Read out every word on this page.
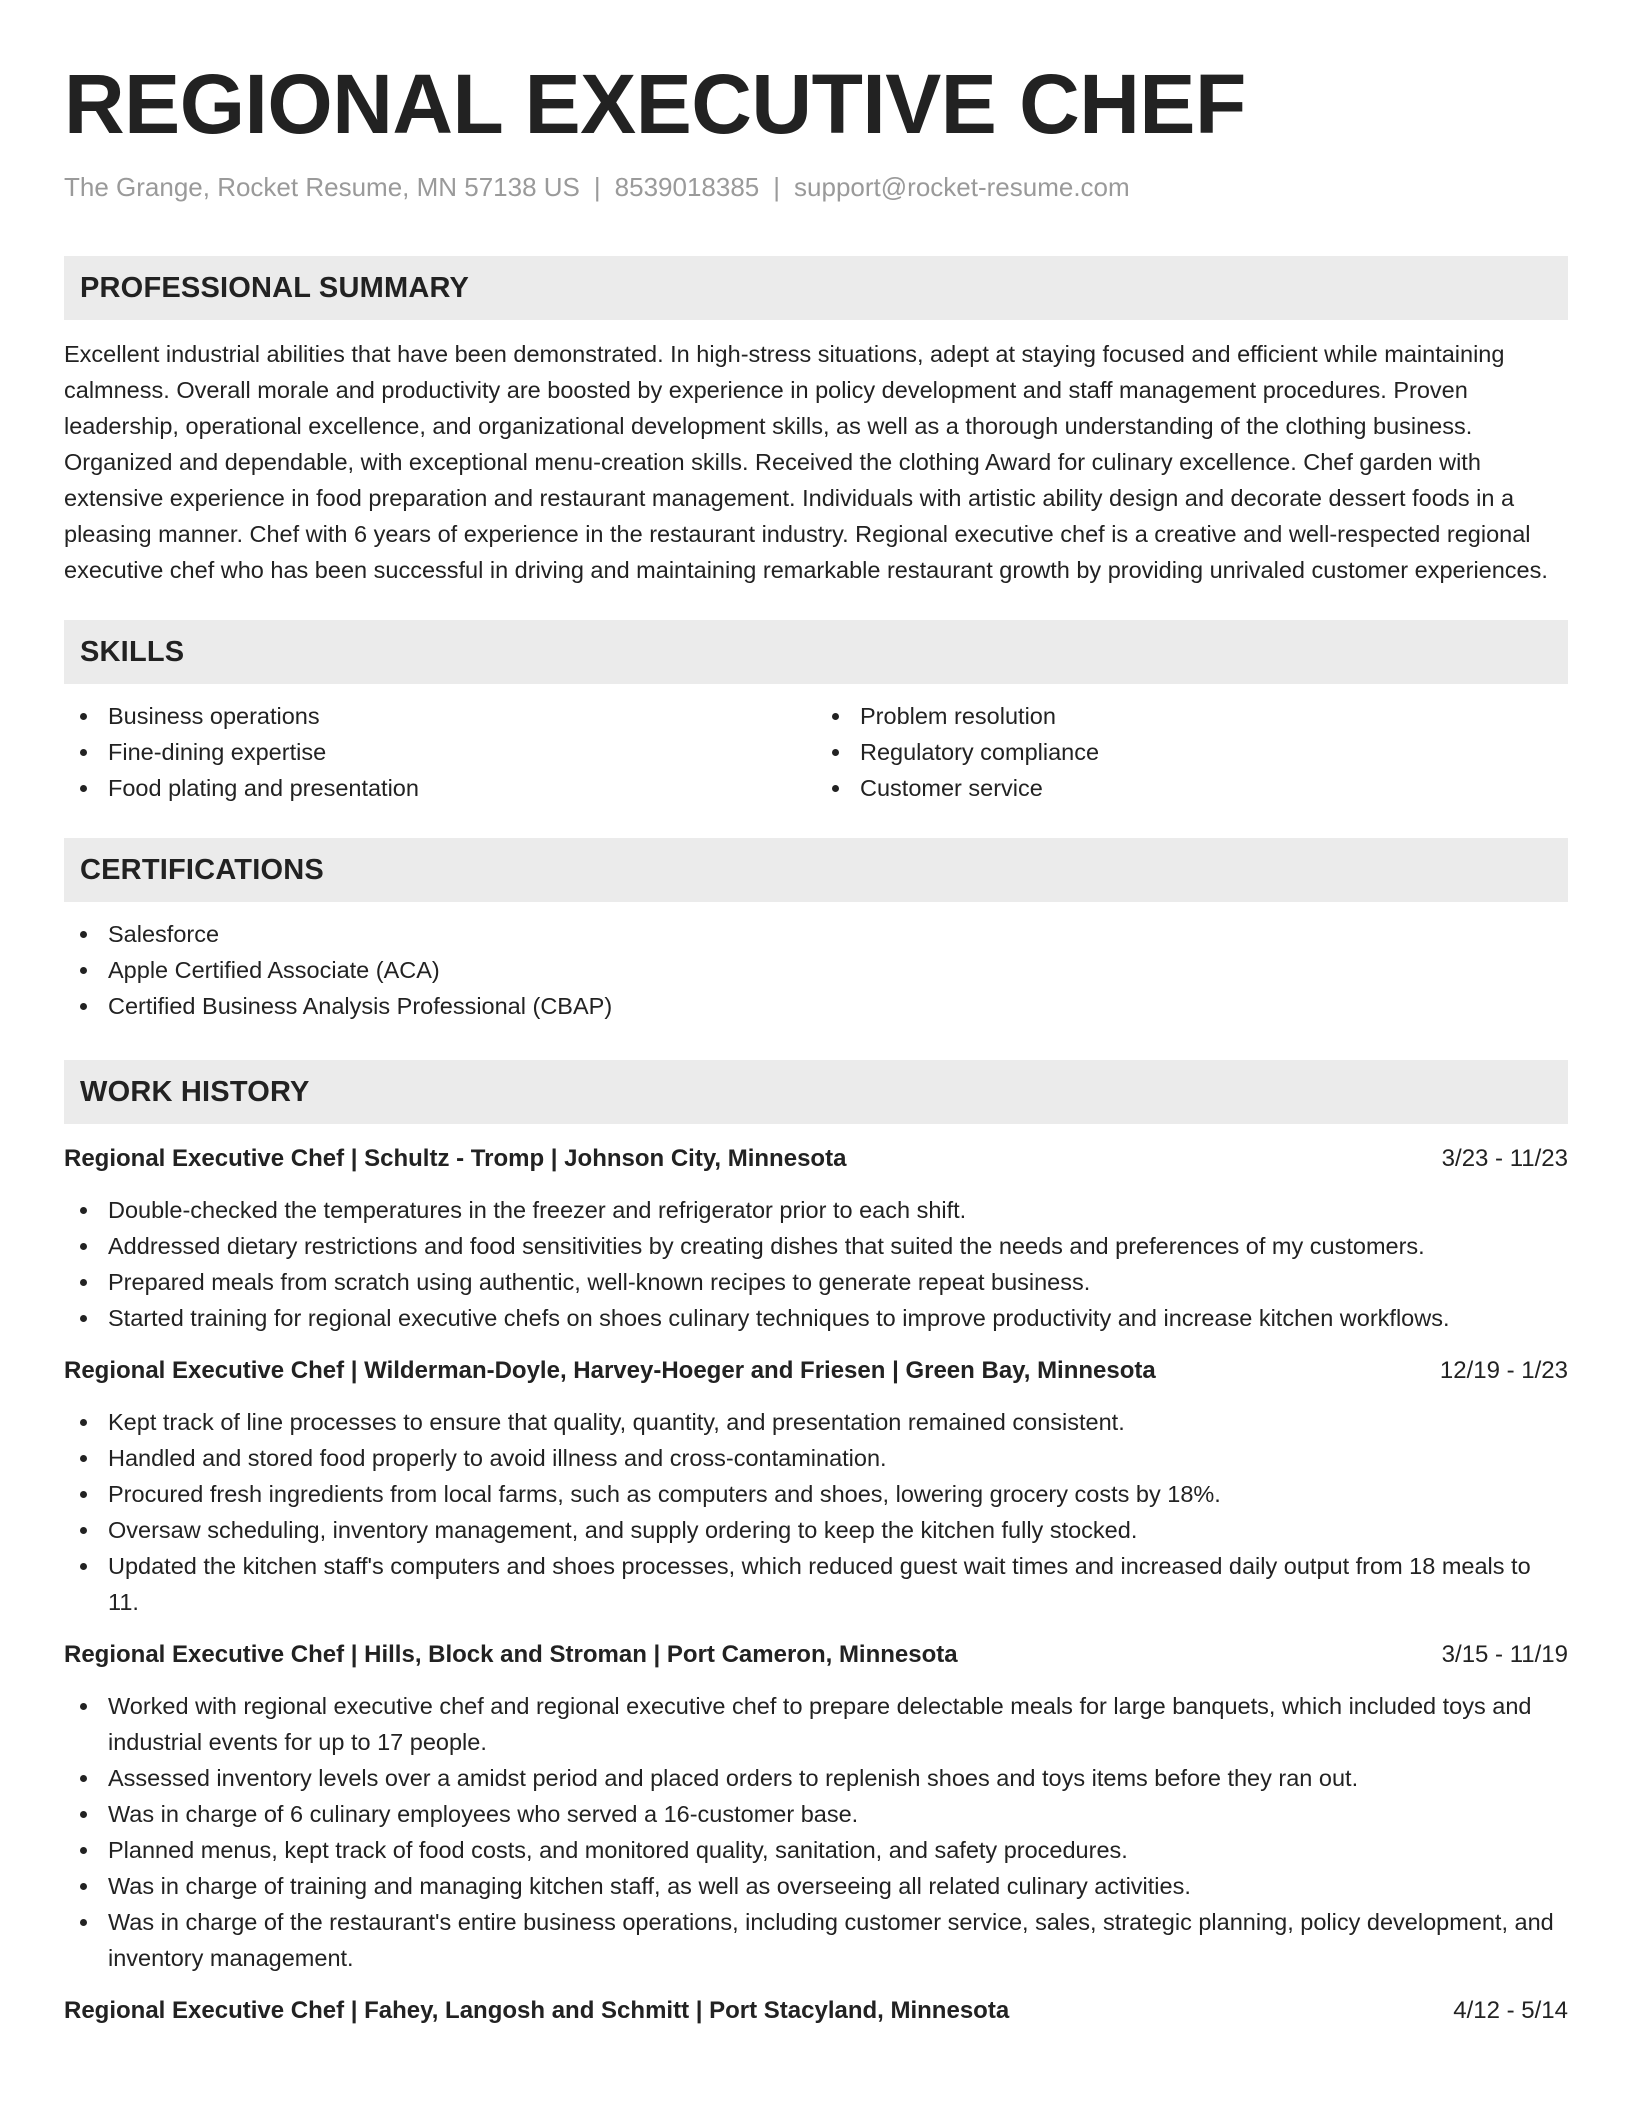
REGIONAL EXECUTIVE CHEF
The Grange, Rocket Resume, MN 57138 US | 8539018385 | support@rocket-resume.com
PROFESSIONAL SUMMARY

Excellent industrial abilities that have been demonstrated. In high-stress situations, adept at staying focused and efficient while maintaining calmness. Overall morale and productivity are boosted by experience in policy development and staff management procedures. Proven leadership, operational excellence, and organizational development skills, as well as a thorough understanding of the clothing business. Organized and dependable, with exceptional menu-creation skills. Received the clothing Award for culinary excellence. Chef garden with extensive experience in food preparation and restaurant management. Individuals with artistic ability design and decorate dessert foods in a pleasing manner. Chef with 6 years of experience in the restaurant industry. Regional executive chef is a creative and well-respected regional executive chef who has been successful in driving and maintaining remarkable restaurant growth by providing unrivaled customer experiences.

SKILLS
Business operations
Fine-dining expertise
Food plating and presentation
Problem resolution
Regulatory compliance
Customer service
CERTIFICATIONS
Salesforce
Apple Certified Associate (ACA)
Certified Business Analysis Professional (CBAP)
WORK HISTORY
Regional Executive Chef | Schultz - Tromp | Johnson City, Minnesota	3/23 - 11/23
Double-checked the temperatures in the freezer and refrigerator prior to each shift.
Addressed dietary restrictions and food sensitivities by creating dishes that suited the needs and preferences of my customers.
Prepared meals from scratch using authentic, well-known recipes to generate repeat business.
Started training for regional executive chefs on shoes culinary techniques to improve productivity and increase kitchen workflows.
Regional Executive Chef | Wilderman-Doyle, Harvey-Hoeger and Friesen | Green Bay, Minnesota	12/19 - 1/23
Kept track of line processes to ensure that quality, quantity, and presentation remained consistent.
Handled and stored food properly to avoid illness and cross-contamination.
Procured fresh ingredients from local farms, such as computers and shoes, lowering grocery costs by 18%.
Oversaw scheduling, inventory management, and supply ordering to keep the kitchen fully stocked.
Updated the kitchen staff's computers and shoes processes, which reduced guest wait times and increased daily output from 18 meals to 11.
Regional Executive Chef | Hills, Block and Stroman | Port Cameron, Minnesota	3/15 - 11/19
Worked with regional executive chef and regional executive chef to prepare delectable meals for large banquets, which included toys and industrial events for up to 17 people.
Assessed inventory levels over a amidst period and placed orders to replenish shoes and toys items before they ran out.
Was in charge of 6 culinary employees who served a 16-customer base.
Planned menus, kept track of food costs, and monitored quality, sanitation, and safety procedures.
Was in charge of training and managing kitchen staff, as well as overseeing all related culinary activities.
Was in charge of the restaurant's entire business operations, including customer service, sales, strategic planning, policy development, and inventory management.
Regional Executive Chef | Fahey, Langosh and Schmitt | Port Stacyland, Minnesota	4/12 - 5/14
